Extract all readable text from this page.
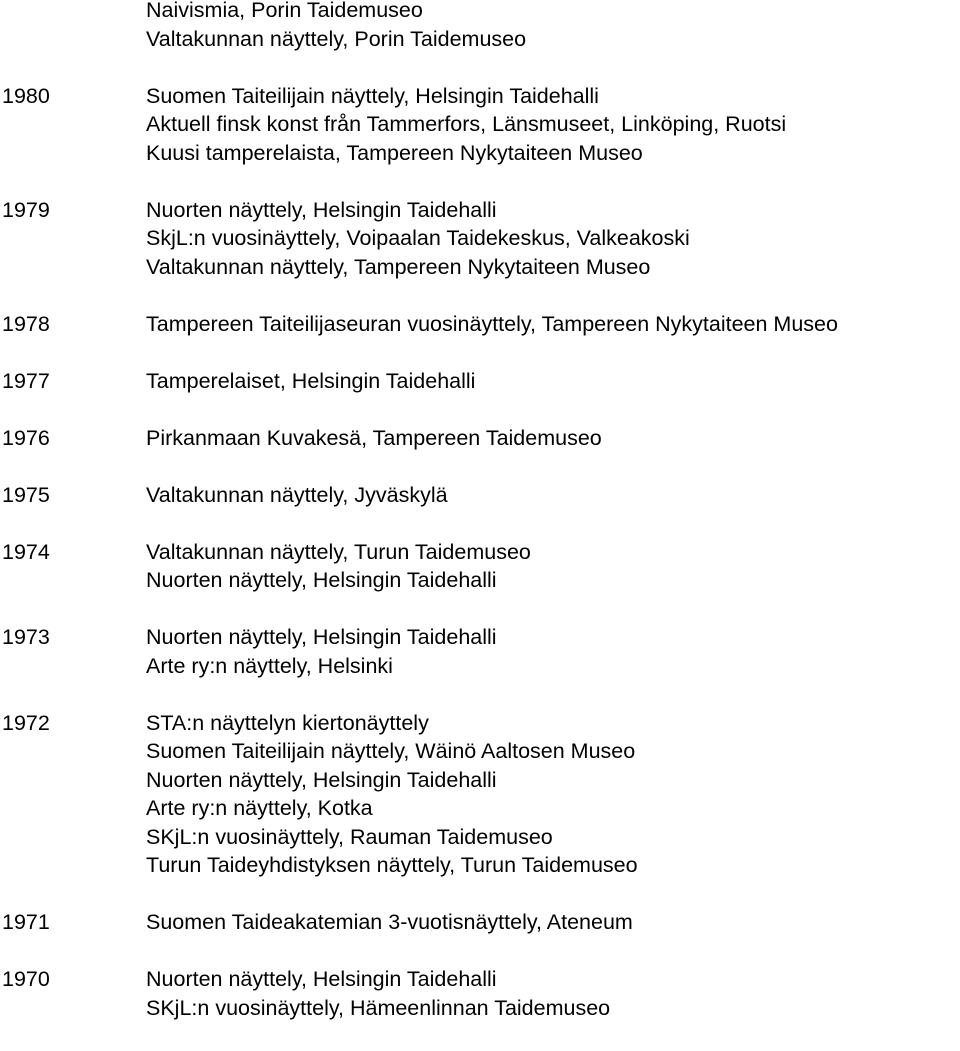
Naivismia, Porin Taidemuseo
Valtakunnan näyttely, Porin Taidemuseo
1980	Suomen Taiteilijain näyttely, Helsingin Taidehalli
Aktuell finsk konst från Tammerfors, Länsmuseet, Linköping, Ruotsi
Kuusi tamperelaista, Tampereen Nykytaiteen Museo
1979	Nuorten näyttely, Helsingin Taidehalli
SkjL:n vuosinäyttely, Voipaalan Taidekeskus, Valkeakoski
Valtakunnan näyttely, Tampereen Nykytaiteen Museo
1978	Tampereen Taiteilijaseuran vuosinäyttely, Tampereen Nykytaiteen Museo
1977	Tamperelaiset, Helsingin Taidehalli
1976	Pirkanmaan Kuvakesä, Tampereen Taidemuseo
1975	Valtakunnan näyttely, Jyväskylä
1974	Valtakunnan näyttely, Turun Taidemuseo
Nuorten näyttely, Helsingin Taidehalli
1973	Nuorten näyttely, Helsingin Taidehalli
Arte ry:n näyttely, Helsinki
1972	STA:n näyttelyn kiertonäyttely
Suomen Taiteilijain näyttely, Wäinö Aaltosen Museo
Nuorten näyttely, Helsingin Taidehalli
Arte ry:n näyttely, Kotka
SKjL:n vuosinäyttely, Rauman Taidemuseo
Turun Taideyhdistyksen näyttely, Turun Taidemuseo
1971	Suomen Taideakatemian 3-vuotisnäyttely, Ateneum
1970	Nuorten näyttely, Helsingin Taidehalli
SKjL:n vuosinäyttely, Hämeenlinnan Taidemuseo
